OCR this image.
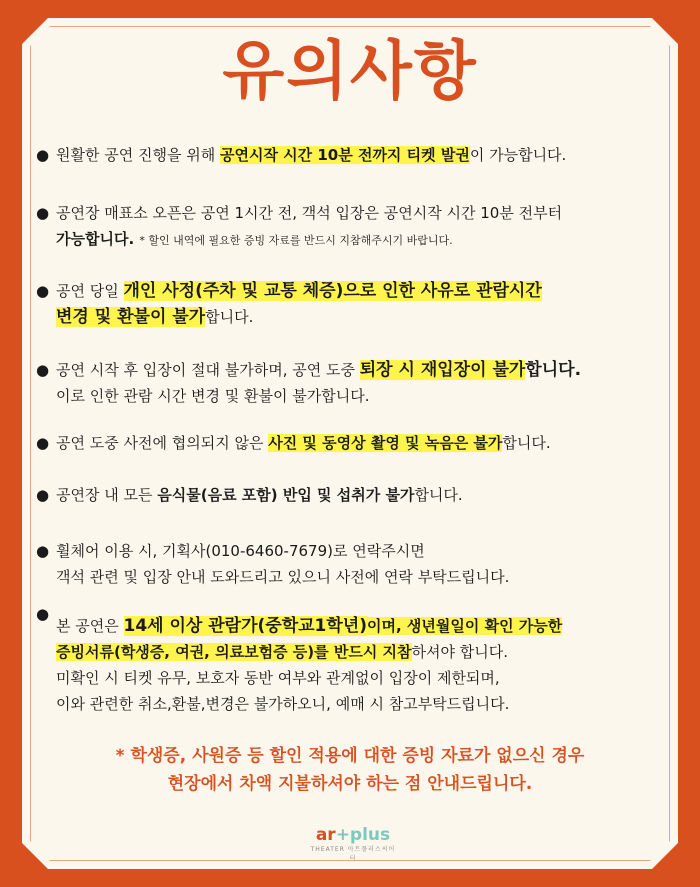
유의사항
● 원활한 공연 진행을 위해 공연시작 시간 10분 전까지 티켓 발권이 가능합니다.
● 공연장 매표소 오픈은 공연 1시간 전, 객석 입장은 공연시작 시간 10분 전부터
가능합니다. * 할인 내역에 필요한 증빙 자료를 반드시 지참해주시기 바랍니다.
● 공연 당일 개인 사정(주차 및 교통 체증)으로 인한 사유로 관람시간
변경 및 환불이 불가합니다.
● 공연 시작 후 입장이 절대 불가하며, 공연 도중 퇴장 시 재입장이 불가합니다.
이로 인한 관람 시간 변경 및 환불이 불가합니다.
● 공연 도중 사전에 협의되지 않은 사진 및 동영상 촬영 및 녹음은 불가합니다.
● 공연장 내 모든 음식물(음료 포함) 반입 및 섭취가 불가합니다.
● 휠체어 이용 시, 기획사(010-6460-7679)로 연락주시면
객석 관련 및 입장 안내 도와드리고 있으니 사전에 연락 부탁드립니다.
●
본 공연은 14세 이상 관람가(중학교1학년)이며, 생년월일이 확인 가능한
증빙서류(학생증, 여권, 의료보험증 등)를 반드시 지참하셔야 합니다.
미확인 시 티켓 유무, 보호자 동반 여부와 관계없이 입장이 제한되며,
이와 관련한 취소,환불,변경은 불가하오니, 예매 시 참고부탁드립니다.
* 학생증, 사원증 등 할인 적용에 대한 증빙 자료가 없으신 경우
현장에서 차액 지불하셔야 하는 점 안내드립니다.
ar+plus
THEATER 아트플러스씨어터
